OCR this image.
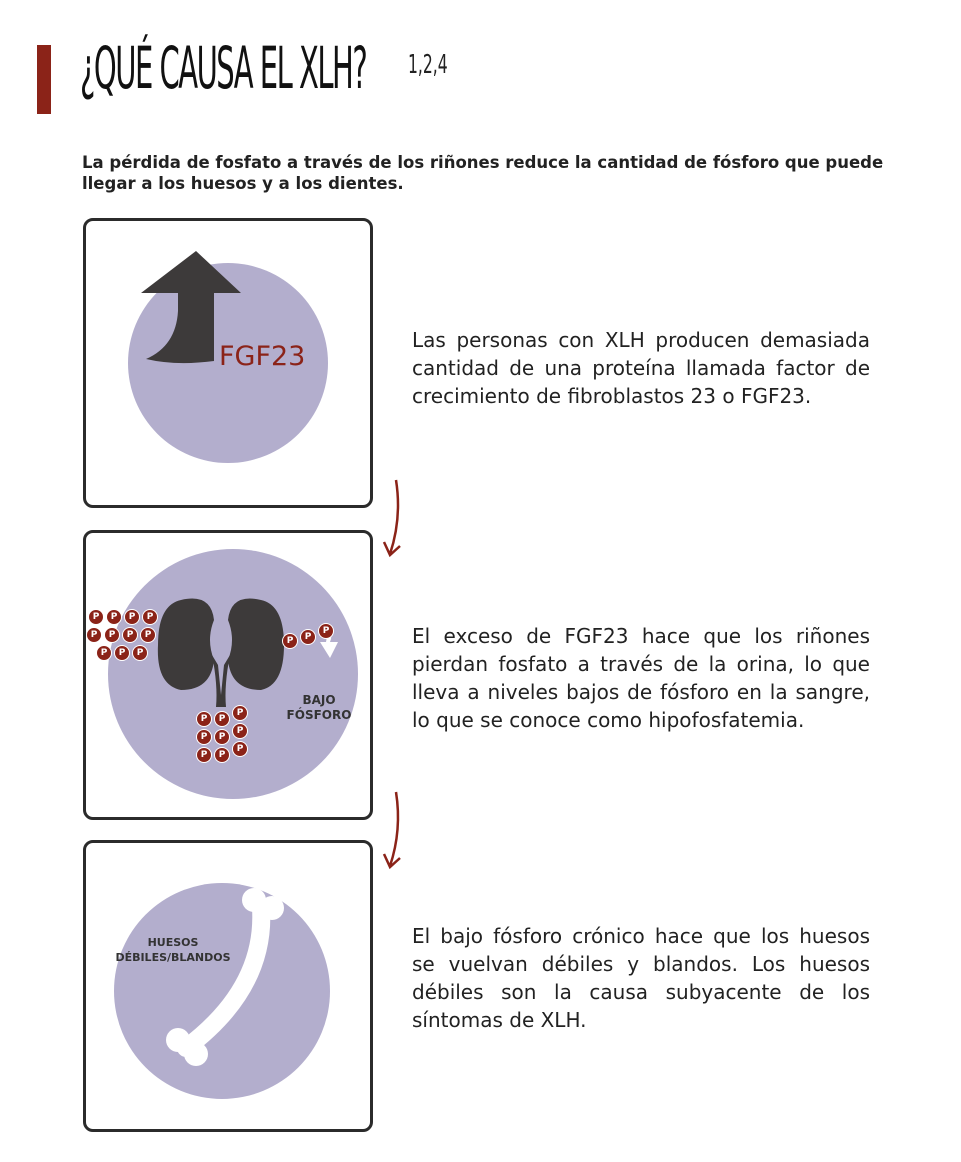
¿QUÉ CAUSA EL XLH? 1,2,4
La pérdida de fosfato a través de los riñones reduce la cantidad de fósforo que puede llegar a los huesos y a los dientes.
FGF23
Las personas con XLH producen demasiada cantidad de una proteína llamada factor de crecimiento de fibroblastos 23 o FGF23.
BAJO FÓSFORO
P	P	P	P
P	P	P	P
P	P	P
P	P
P
P	P
P
P	P
P
P	P
P
El exceso de FGF23 hace que los riñones pierdan fosfato a través de la orina, lo que lleva a niveles bajos de fósforo en la sangre, lo que se conoce como hipofosfatemia.
HUESOS DÉBILES/BLANDOS
El bajo fósforo crónico hace que los huesos se vuelvan débiles y blandos. Los huesos débiles son la causa subyacente de los síntomas de XLH.
